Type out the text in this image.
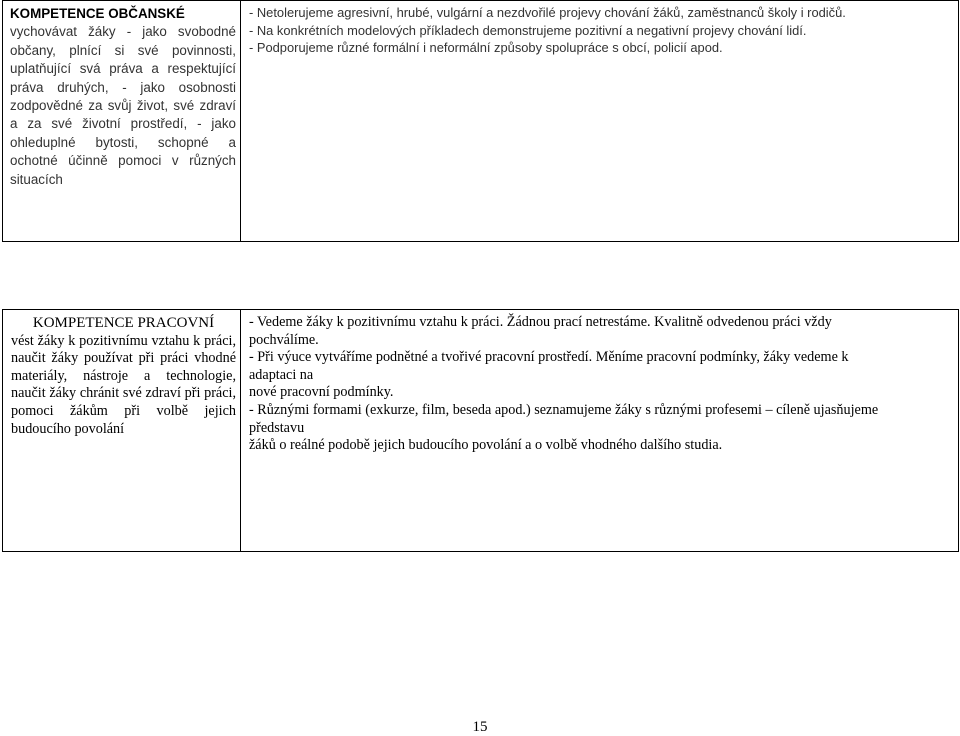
KOMPETENCE OBČANSKÉ
vychovávat žáky - jako svobodné občany, plnící si své povinnosti, uplatňující svá práva a respektující práva druhých, - jako osobnosti zodpovědné za svůj život, své zdraví a za své životní prostředí, - jako ohleduplné bytosti, schopné a ochotné účinně pomoci v různých situacích
- Netolerujeme agresivní, hrubé, vulgární a nezdvořilé projevy chování žáků, zaměstnanců školy i rodičů.
- Na konkrétních modelových příkladech demonstrujeme pozitivní a negativní projevy chování lidí.
- Podporujeme různé formální i neformální způsoby spolupráce s obcí, policií apod.
KOMPETENCE PRACOVNÍ
vést žáky k pozitivnímu vztahu k práci, naučit žáky používat při práci vhodné materiály, nástroje a technologie, naučit žáky chránit své zdraví při práci, pomoci žákům při volbě jejich budoucího povolání
- Vedeme žáky k pozitivnímu vztahu k práci. Žádnou prací netrestáme. Kvalitně odvedenou práci vždy
pochválíme.
- Při výuce vytváříme podnětné a tvořivé pracovní prostředí. Měníme pracovní podmínky, žáky vedeme k
adaptaci na
nové pracovní podmínky.
- Různými formami (exkurze, film, beseda apod.) seznamujeme žáky s různými profesemi – cíleně ujasňujeme
představu
žáků o reálné podobě jejich budoucího povolání a o volbě vhodného dalšího studia.
15
